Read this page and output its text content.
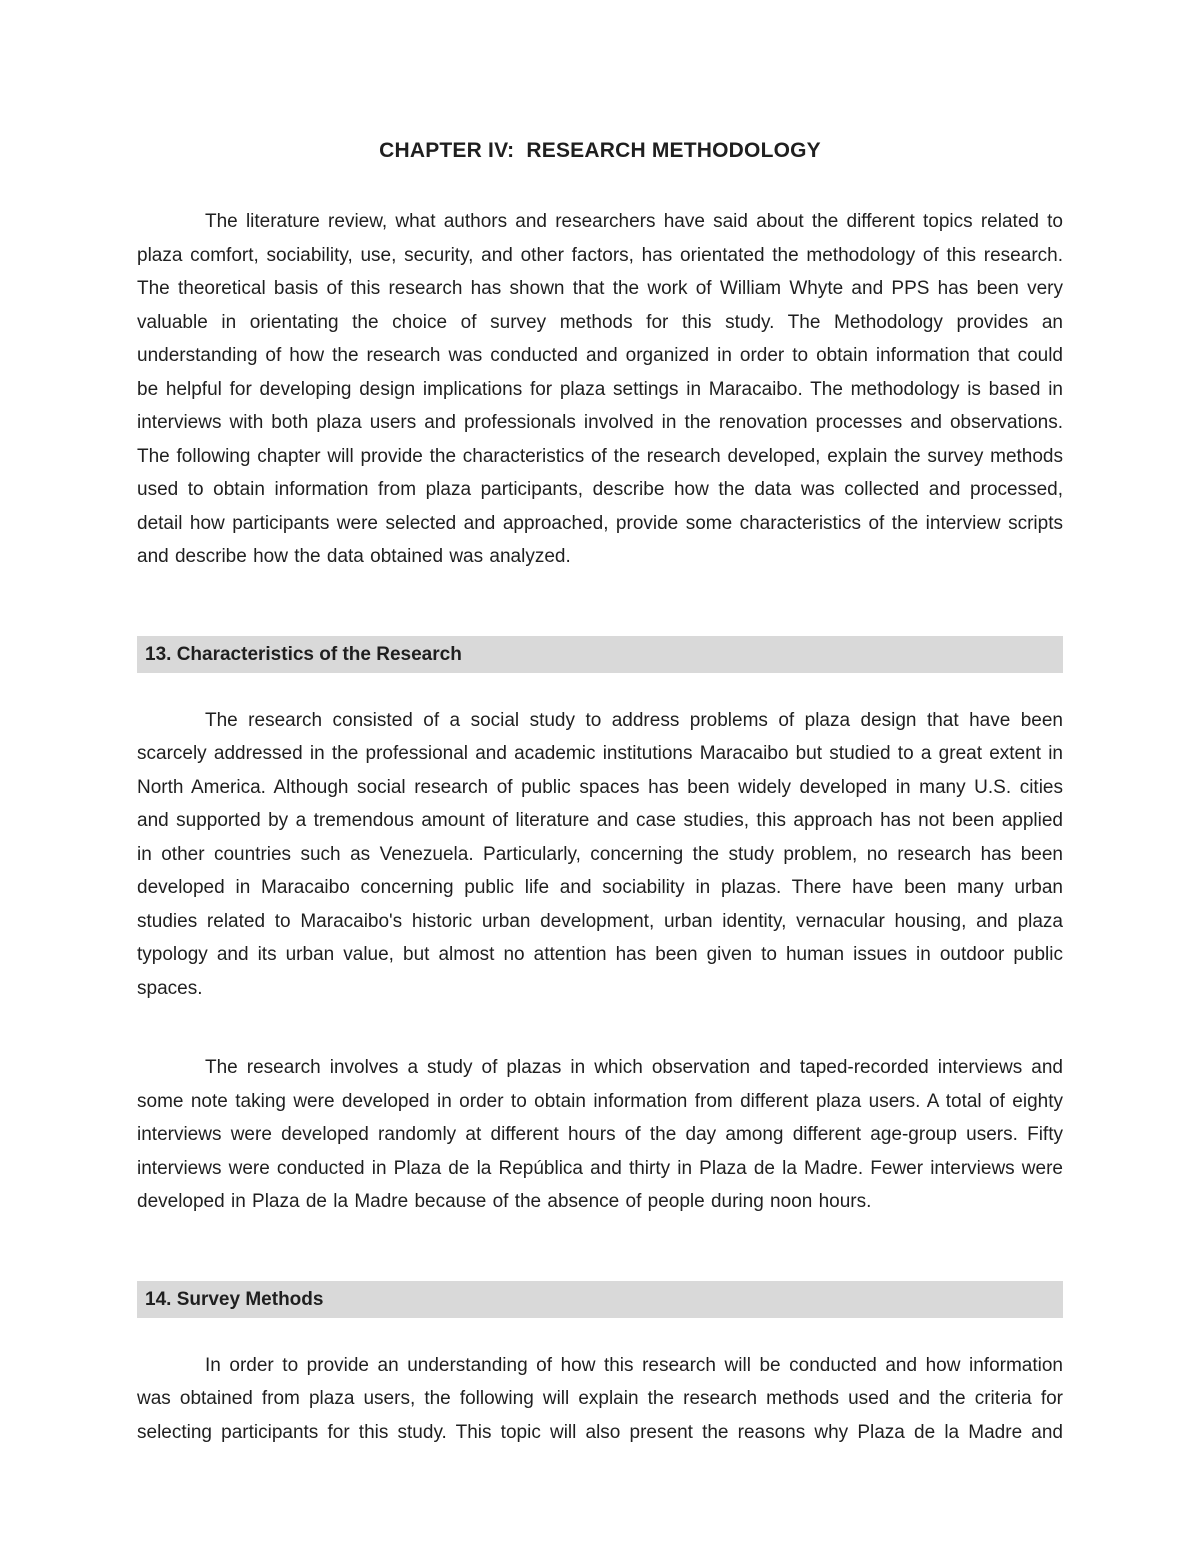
CHAPTER IV:  RESEARCH METHODOLOGY

The literature review, what authors and researchers have said about the different topics related to plaza comfort, sociability, use, security, and other factors, has orientated the methodology of this research. The theoretical basis of this research has shown that the work of William Whyte and PPS has been very valuable in orientating the choice of survey methods for this study. The Methodology provides an understanding of how the research was conducted and organized in order to obtain information that could be helpful for developing design implications for plaza settings in Maracaibo. The methodology is based in interviews with both plaza users and professionals involved in the renovation processes and observations. The following chapter will provide the characteristics of the research developed, explain the survey methods used to obtain information from plaza participants, describe how the data was collected and processed, detail how participants were selected and approached, provide some characteristics of the interview scripts and describe how the data obtained was analyzed.

13. Characteristics of the Research

The research consisted of a social study to address problems of plaza design that have been scarcely addressed in the professional and academic institutions Maracaibo but studied to a great extent in North America. Although social research of public spaces has been widely developed in many U.S. cities and supported by a tremendous amount of literature and case studies, this approach has not been applied in other countries such as Venezuela. Particularly, concerning the study problem, no research has been developed in Maracaibo concerning public life and sociability in plazas. There have been many urban studies related to Maracaibo's historic urban development, urban identity, vernacular housing, and plaza typology and its urban value, but almost no attention has been given to human issues in outdoor public spaces.

The research involves a study of plazas in which observation and taped-recorded interviews and some note taking were developed in order to obtain information from different plaza users. A total of eighty interviews were developed randomly at different hours of the day among different age-group users. Fifty interviews were conducted in Plaza de la República and thirty in Plaza de la Madre. Fewer interviews were developed in Plaza de la Madre because of the absence of people during noon hours.

14. Survey Methods

In order to provide an understanding of how this research will be conducted and how information was obtained from plaza users, the following will explain the research methods used and the criteria for selecting participants for this study. This topic will also present the reasons why Plaza de la Madre and
